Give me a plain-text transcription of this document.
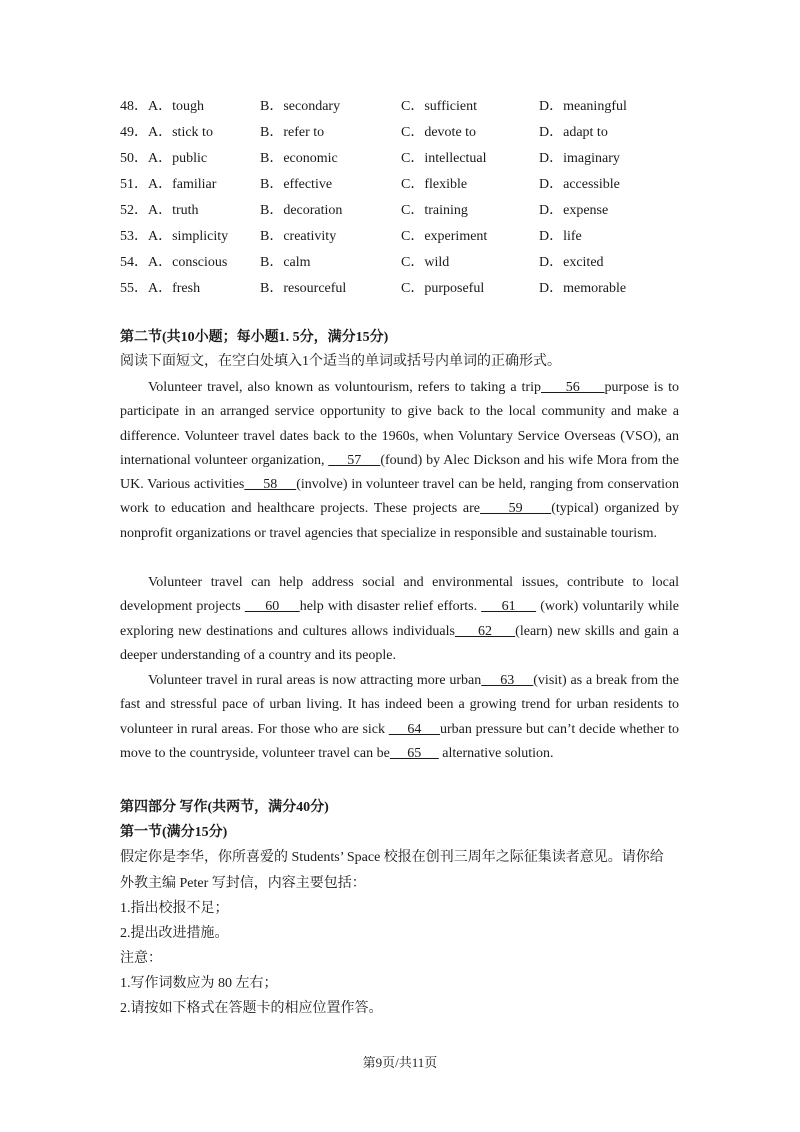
48． A．tough	B．secondary	C．sufficient	D．meaningful
49． A．stick to	B．refer to	C．devote to	D．adapt to
50． A．public	B．economic	C．intellectual	D．imaginary
51． A．familiar	B．effective	C．flexible	D．accessible
52． A．truth	B．decoration	C．training	D．expense
53． A．simplicity B．creativity	C．experiment	D．life
54． A．conscious B．calm	C．wild	D．excited
55． A．fresh	B．resourceful	C．purposeful	D．memorable
第二节(共10小题；每小题1. 5分，满分15分)
阅读下面短文，在空白处填入1个适当的单词或括号内单词的正确形式。
Volunteer travel, also known as voluntourism, refers to taking a trip     56     purpose is to participate in an arranged service opportunity to give back to the local community and make a difference. Volunteer travel dates back to the 1960s, when Voluntary Service Overseas (VSO), an international volunteer organization,      57     (found) by Alec Dickson and his wife Mora from the UK. Various activities     58     (involve) in volunteer travel can be held, ranging from conservation work to education and healthcare projects. These projects are     59     (typical) organized by nonprofit organizations or travel agencies that specialize in responsible and sustainable tourism.
Volunteer travel can help address social and environmental issues, contribute to local development projects      60     help with disaster relief efforts.      61      (work) voluntarily while exploring new destinations and cultures allows individuals     62     (learn) new skills and gain a deeper understanding of a country and its people.
Volunteer travel in rural areas is now attracting more urban     63     (visit) as a break from the fast and stressful pace of urban living. It has indeed been a growing trend for urban residents to volunteer in rural areas. For those who are sick      64     urban pressure but can’t decide whether to move to the countryside, volunteer travel can be     65      alternative solution.
第四部分 写作(共两节，满分40分)
第一节(满分15分)
假定你是李华，你所喜爱的 Students’ Space 校报在创刊三周年之际征集读者意见。请你给
外教主编 Peter 写封信，内容主要包括：
1.指出校报不足；
2.提出改进措施。
注意：
1.写作词数应为 80 左右；
2.请按如下格式在答题卡的相应位置作答。
第9页/共11页
